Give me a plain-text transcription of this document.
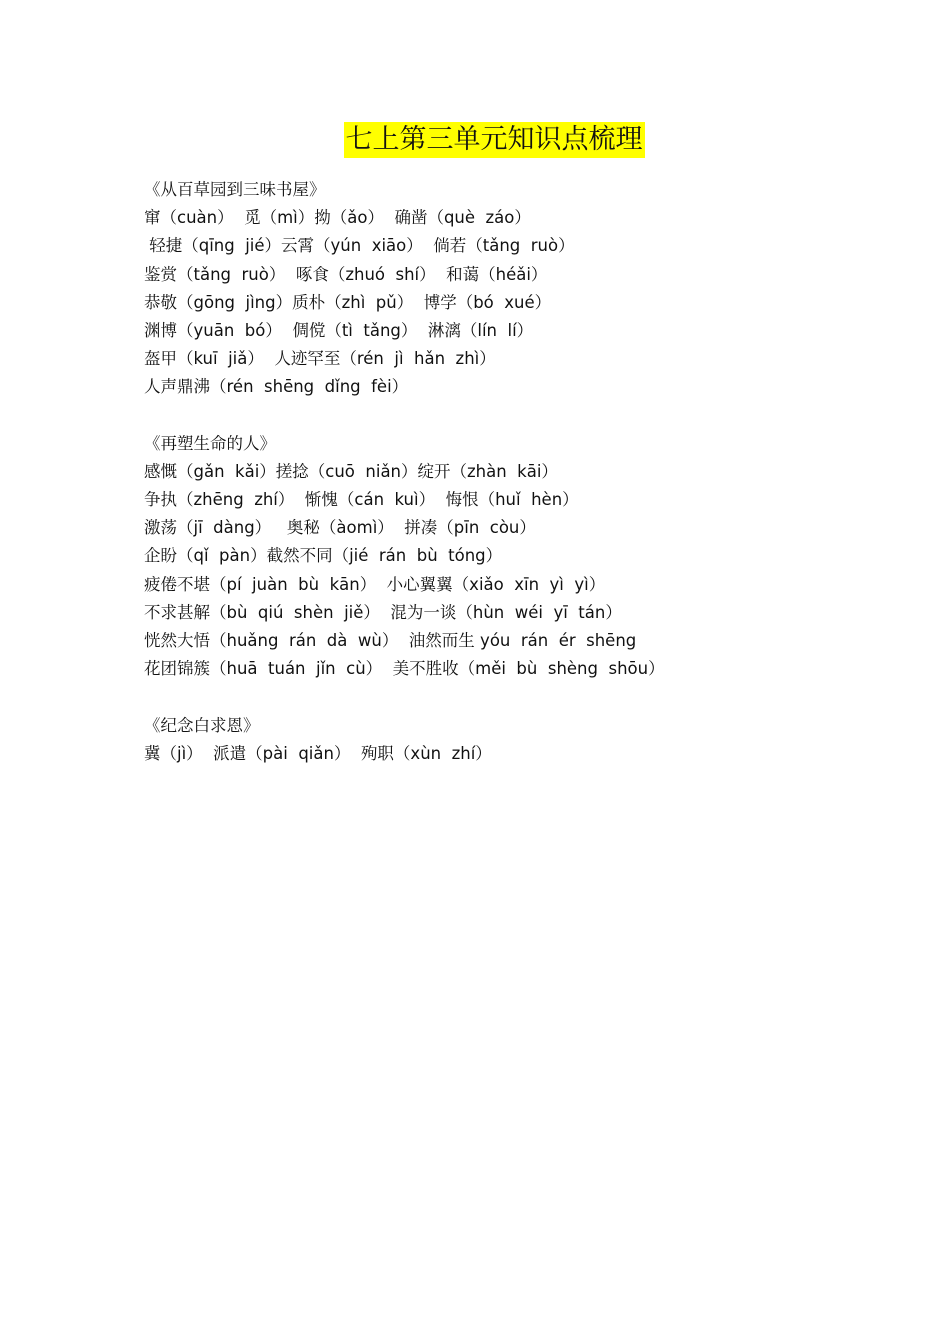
七上第三单元知识点梳理
《从百草园到三味书屋》
窜（cuàn）  觅（mì）拗（ǎo）  确凿（què  záo）
轻捷（qīng  jié）云霄（yún  xiāo）  倘若（tǎng  ruò）
鉴赏（tǎng  ruò）  啄食（zhuó  shí）  和蔼（héǎi）
恭敬（gōng  jìng）质朴（zhì  pǔ）  博学（bó  xué）
渊博（yuān  bó）  倜傥（tì  tǎng）  淋漓（lín  lí）
盔甲（kuī  jiǎ）  人迹罕至（rén  jì  hǎn  zhì）
人声鼎沸（rén  shēng  dǐng  fèi）
《再塑生命的人》
感慨（gǎn  kǎi）搓捻（cuō  niǎn）绽开（zhàn  kāi）
争执（zhēng  zhí）  惭愧（cán  kuì）  悔恨（huǐ  hèn）
激荡（jī  dàng）   奥秘（àomì）  拼凑（pīn  còu）
企盼（qǐ  pàn）截然不同（jié  rán  bù  tóng）
疲倦不堪（pí  juàn  bù  kān）  小心翼翼（xiǎo  xīn  yì  yì）
不求甚解（bù  qiú  shèn  jiě）  混为一谈（hùn  wéi  yī  tán）
恍然大悟（huǎng  rán  dà  wù）  油然而生 yóu  rán  ér  shēng
花团锦簇（huā  tuán  jǐn  cù）  美不胜收（měi  bù  shèng  shōu）
《纪念白求恩》
冀（jì）  派遣（pài  qiǎn）  殉职（xùn  zhí）
